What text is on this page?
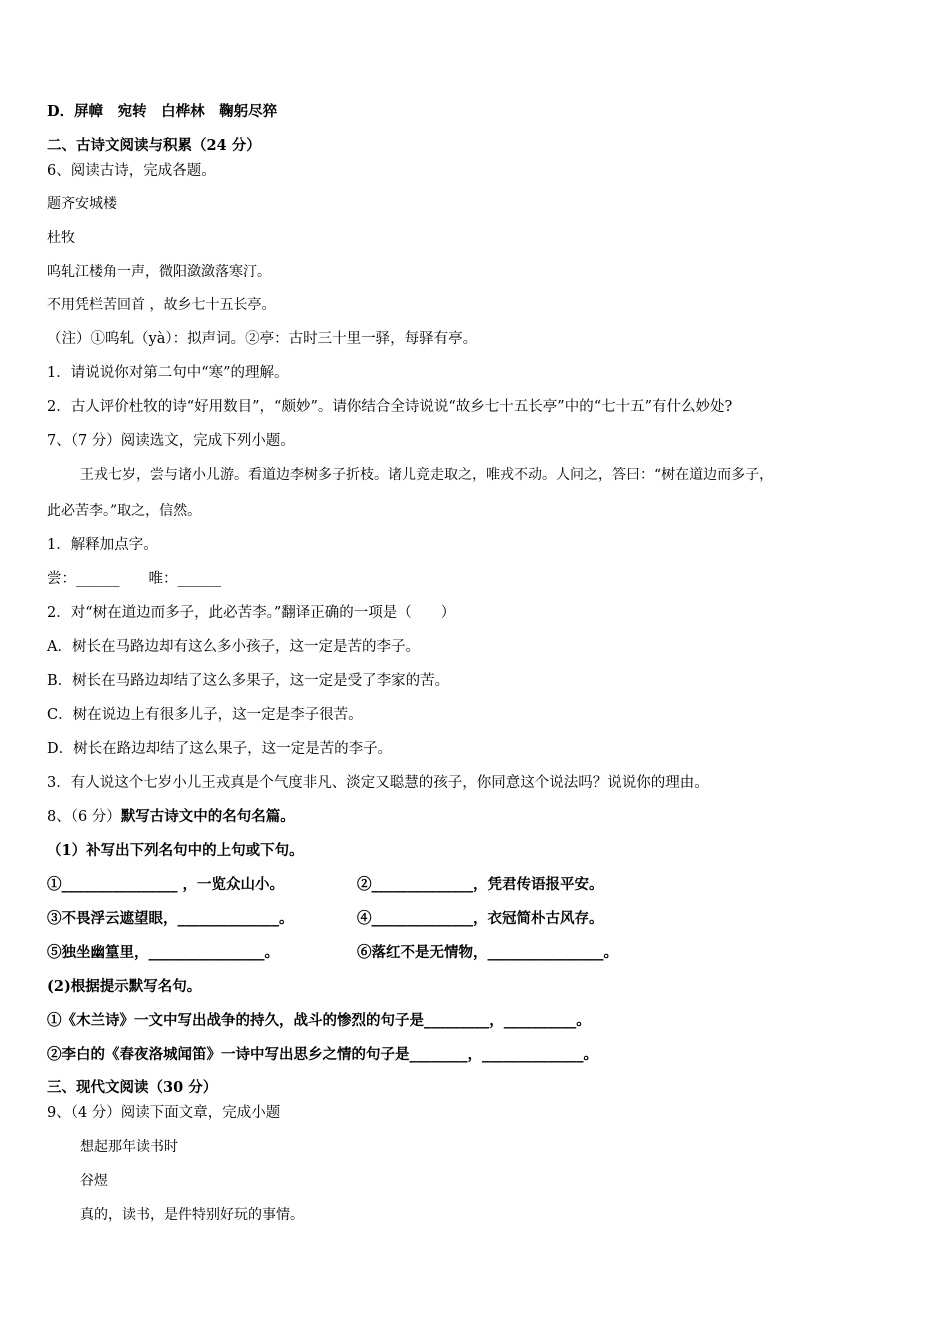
D．屏幛　宛转　白桦林　鞠躬尽猝
二、古诗文阅读与积累（24 分）
6、阅读古诗，完成各题。
题齐安城楼
杜牧
呜轧江楼角一声，微阳潋潋落寒汀。
不用凭栏苦回首 ，故乡七十五长亭。
（注）①呜轧（yà）：拟声词。②亭：古时三十里一驿，每驿有亭。
1．请说说你对第二句中“寒”的理解。
2．古人评价杜牧的诗“好用数目”，“颇妙”。请你结合全诗说说“故乡七十五长亭”中的“七十五”有什么妙处?
7、（7 分）阅读选文，完成下列小题。
王戎七岁，尝与诸小儿游。看道边李树多子折枝。诸儿竞走取之，唯戎不动。人问之，答曰：“树在道边而多子，
此必苦李。”取之，信然。
1．解释加点字。
尝：______　　唯：______
2．对“树在道边而多子，此必苦李。”翻译正确的一项是（　　）
A．树长在马路边却有这么多小孩子，这一定是苦的李子。
B．树长在马路边却结了这么多果子，这一定是受了李家的苦。
C．树在说边上有很多儿子，这一定是李子很苦。
D．树长在路边却结了这么果子，这一定是苦的李子。
3．有人说这个七岁小儿王戎真是个气度非凡、淡定又聪慧的孩子，你同意这个说法吗？说说你的理由。
8、（6 分）默写古诗文中的名句名篇。
（1）补写出下列名句中的上句或下句。
①________________ ，一览众山小。	②______________，凭君传语报平安。
③不畏浮云遮望眼，______________。	④______________，衣冠简朴古风存。
⑤独坐幽篁里，________________。	⑥落红不是无情物，________________。
(2)根据提示默写名句。
①《木兰诗》一文中写出战争的持久，战斗的惨烈的句子是_________，__________。
②李白的《春夜洛城闻笛》一诗中写出思乡之情的句子是________，______________。
三、现代文阅读（30 分）
9、（4 分）阅读下面文章，完成小题
想起那年读书时
谷煜
真的，读书，是件特别好玩的事情。
